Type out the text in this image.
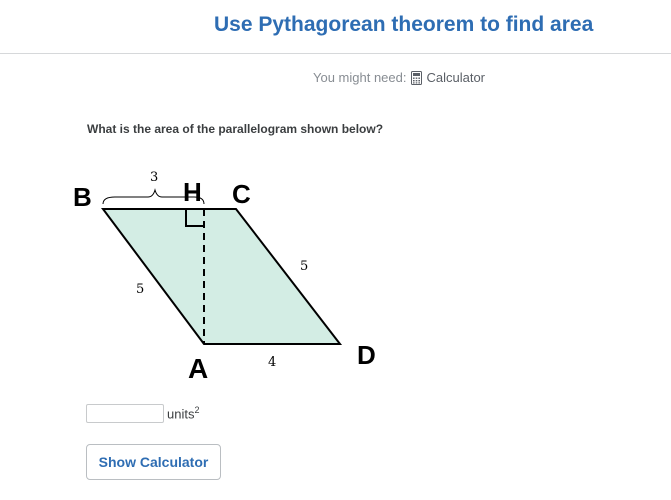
Use Pythagorean theorem to find area
You might need: Calculator
What is the area of the parallelogram shown below?
B	H C
A	D
3
5
5
4
units$^2$
Show Calculator
